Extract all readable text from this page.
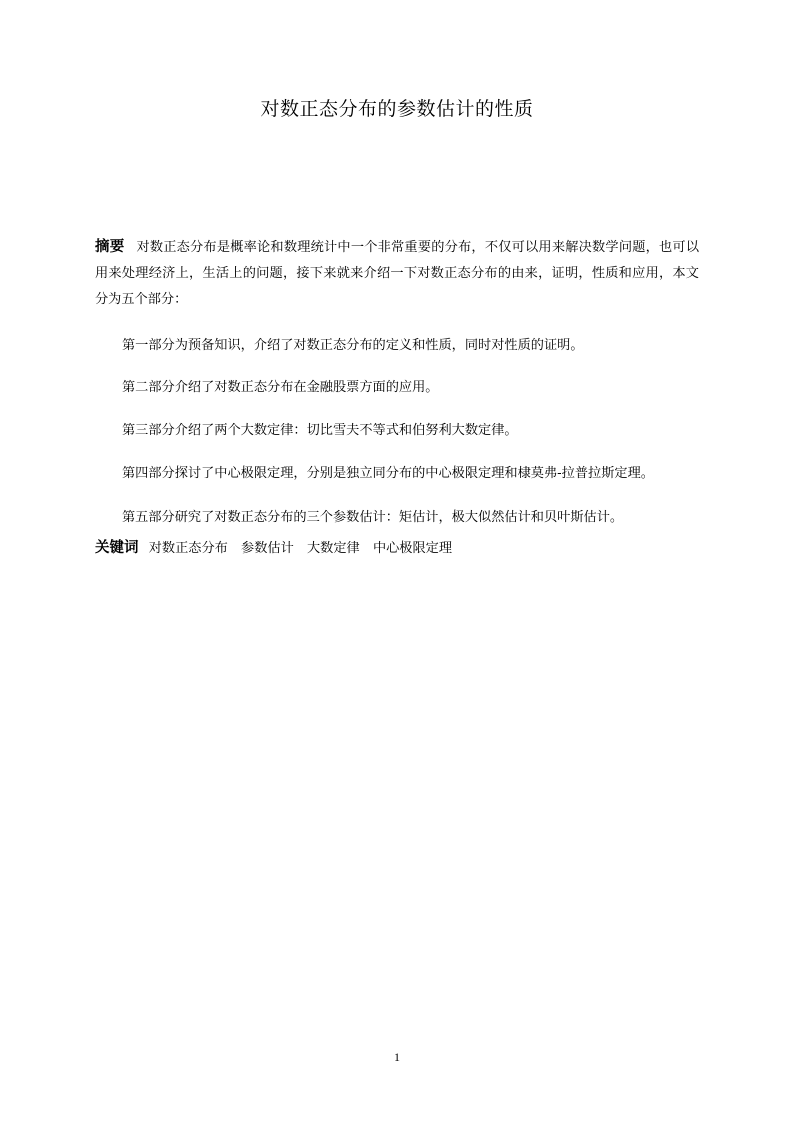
对数正态分布的参数估计的性质
摘要 对数正态分布是概率论和数理统计中一个非常重要的分布，不仅可以用来解决数学问题，也可以用来处理经济上，生活上的问题，接下来就来介绍一下对数正态分布的由来，证明，性质和应用，本文分为五个部分：
第一部分为预备知识，介绍了对数正态分布的定义和性质，同时对性质的证明。
第二部分介绍了对数正态分布在金融股票方面的应用。
第三部分介绍了两个大数定律：切比雪夫不等式和伯努利大数定律。
第四部分探讨了中心极限定理，分别是独立同分布的中心极限定理和棣莫弗-拉普拉斯定理。
第五部分研究了对数正态分布的三个参数估计：矩估计，极大似然估计和贝叶斯估计。
关键词 对数正态分布 参数估计 大数定律 中心极限定理
1
